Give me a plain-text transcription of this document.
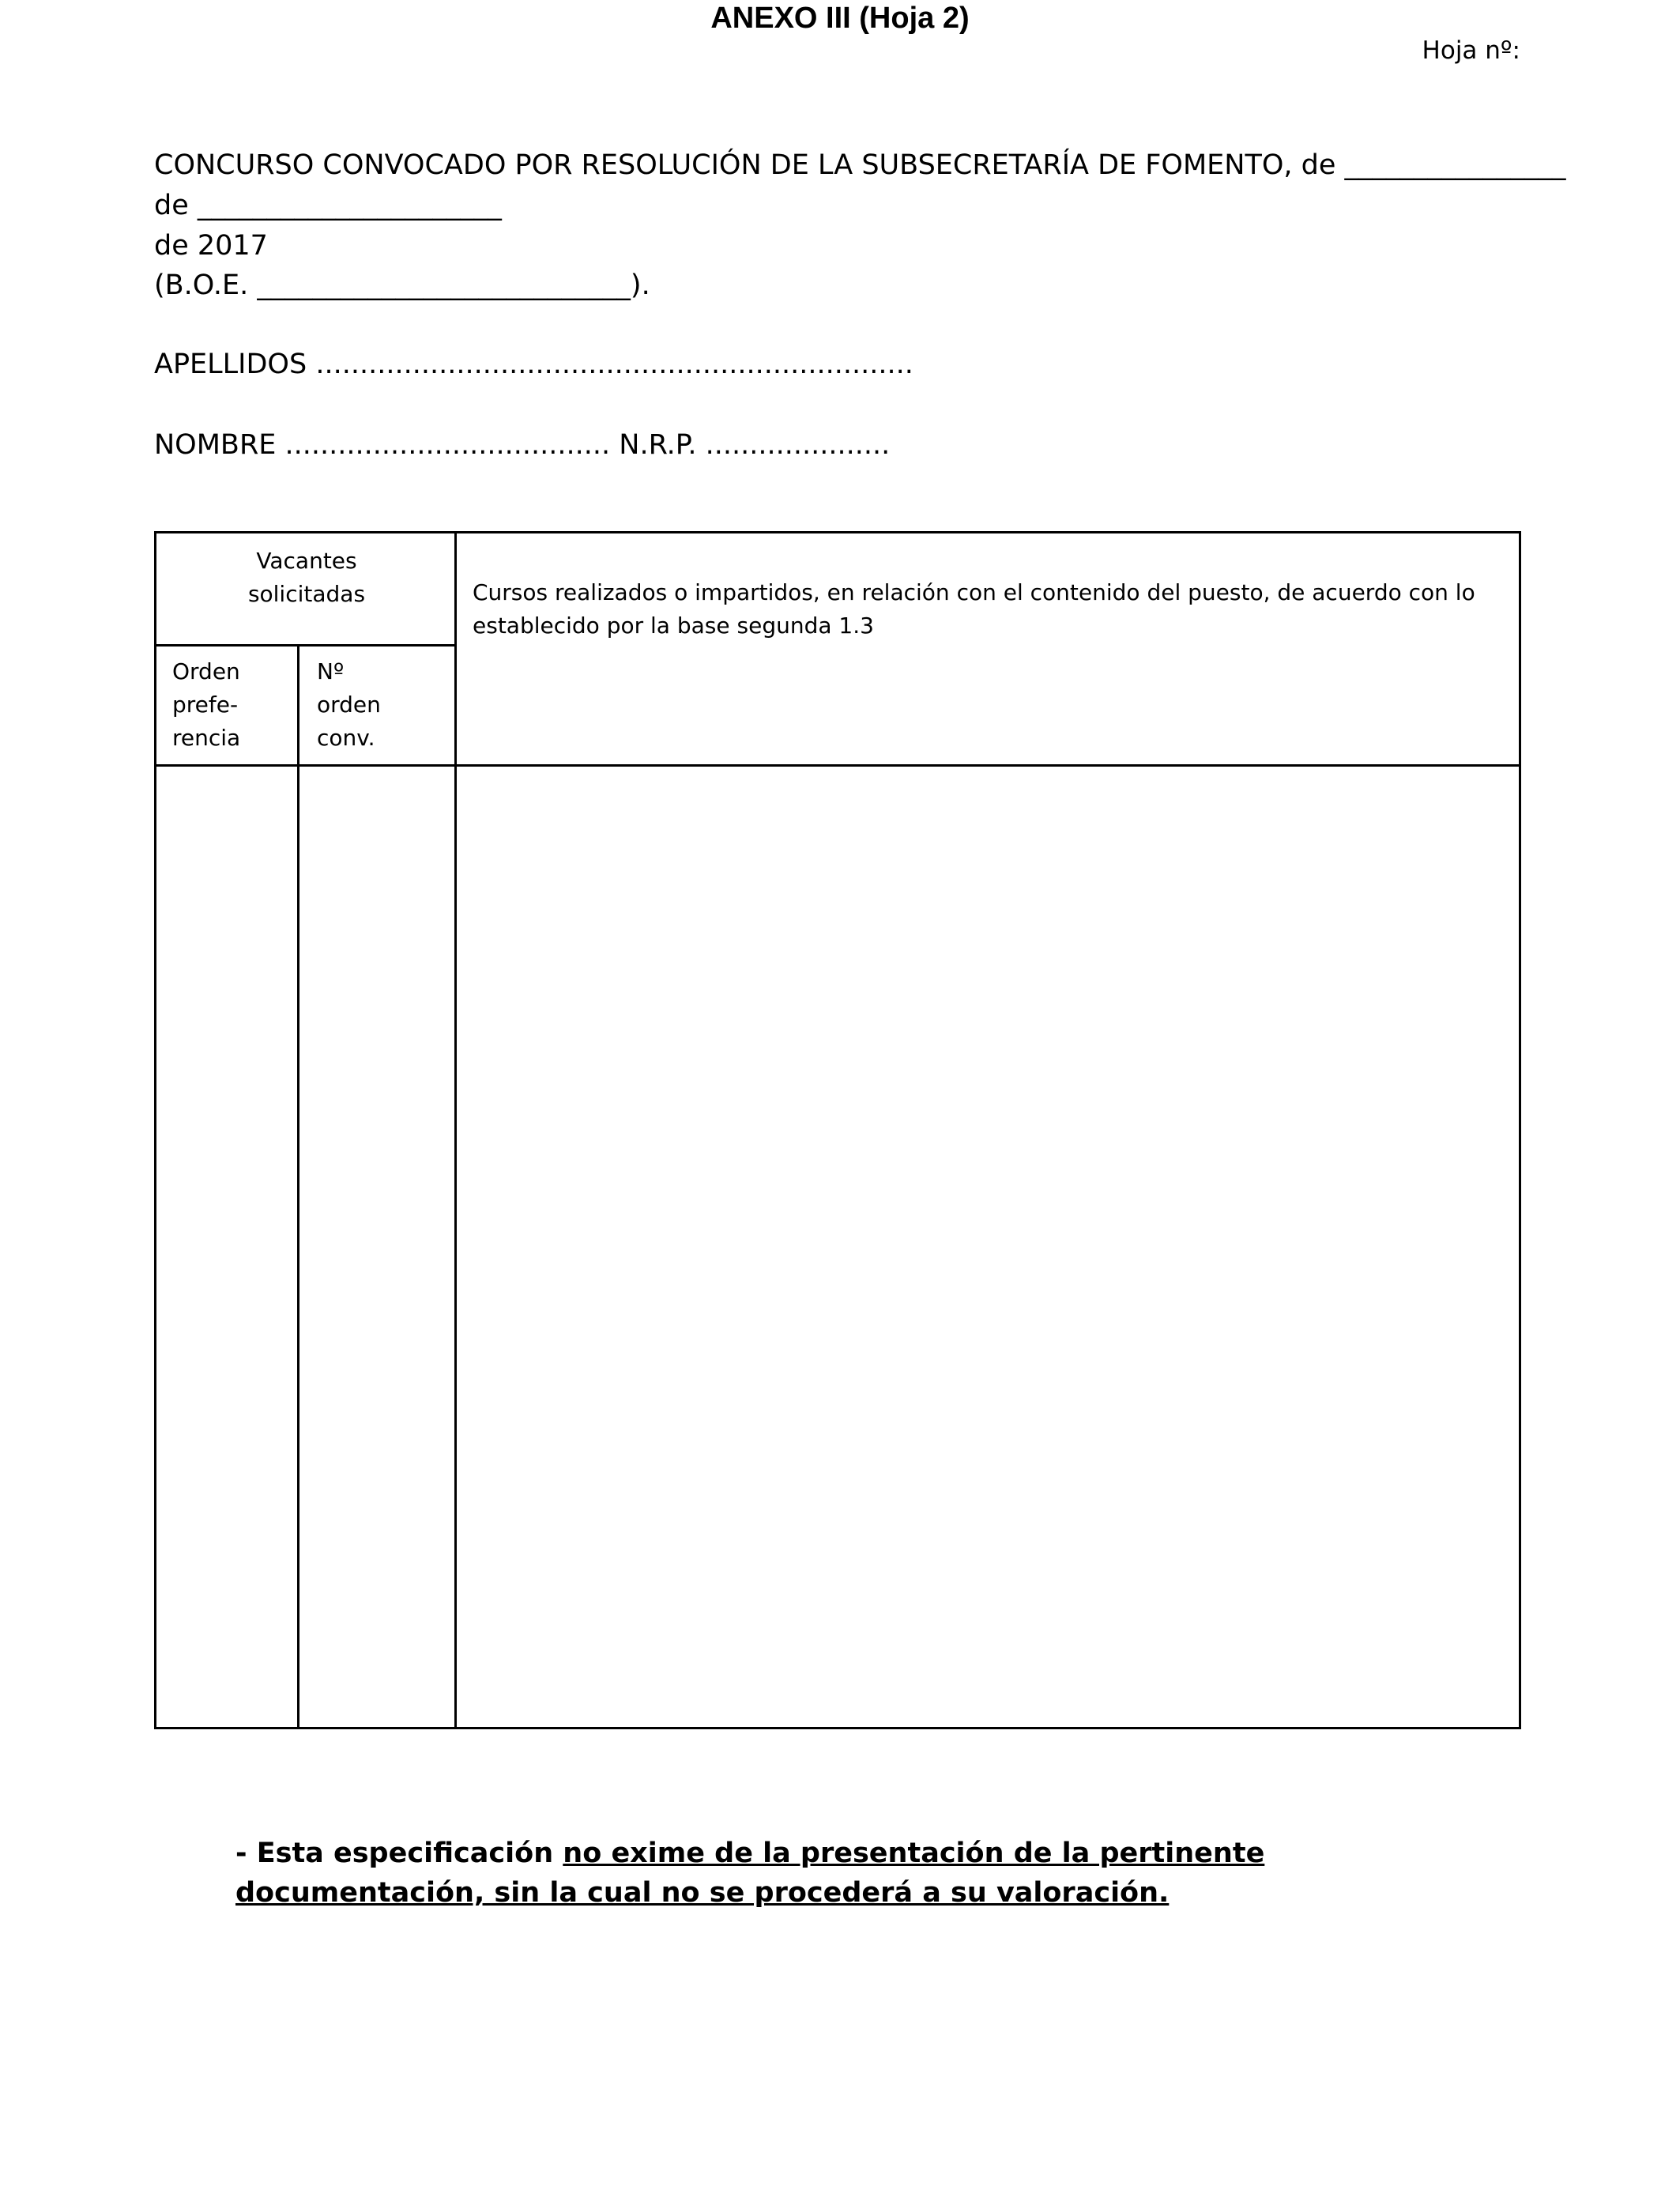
ANEXO III (Hoja 2)
Hoja nº:
CONCURSO CONVOCADO POR RESOLUCIÓN DE LA SUBSECRETARÍA DE FOMENTO, de ________________
de ______________________
de 2017
(B.O.E. ___________________________).
APELLIDOS ....................................................................
NOMBRE ..................................... N.R.P. .....................
Vacantes
solicitadas	Cursos realizados o impartidos, en relación con el contenido del puesto, de acuerdo con lo
establecido por la base segunda 1.3
Orden
prefe-
rencia
Nº
orden
conv.
- Esta especificación no exime de la presentación de la pertinente documentación, sin la cual no se procederá a su valoración.
